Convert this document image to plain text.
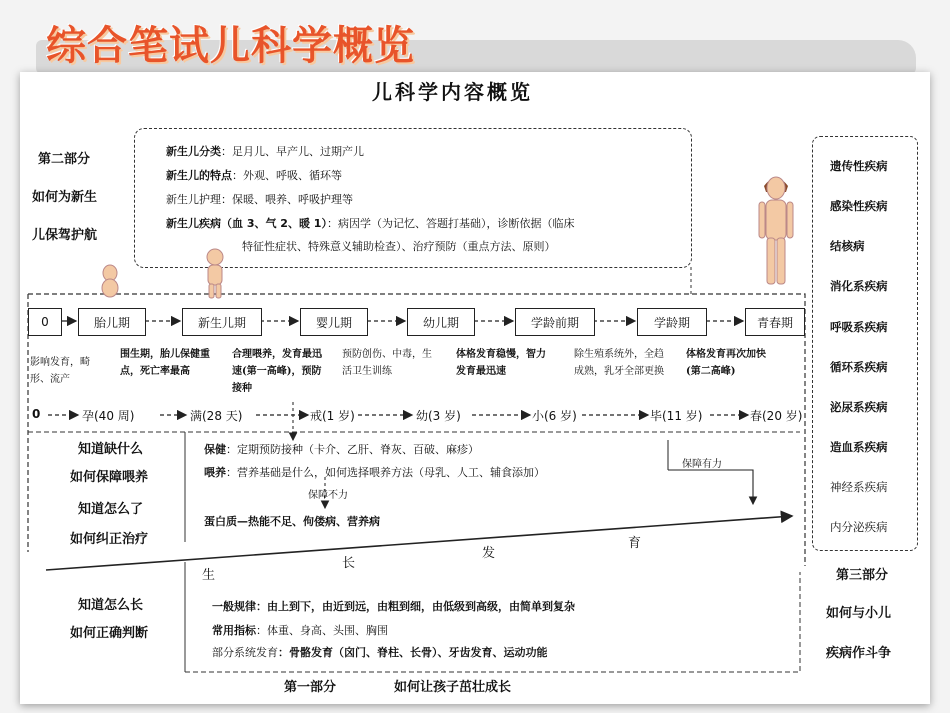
综合笔试儿科学概览
儿科学内容概览
新生儿分类：足月儿、早产儿、过期产儿
新生儿的特点：外观、呼吸、循环等
新生儿护理：保暖、喂养、呼吸护理等
新生儿疾病（血 3、气 2、暖 1）：病因学（为记忆、答题打基础），诊断依据（临床
特征性症状、特殊意义辅助检查）、治疗预防（重点方法、原则）
第二部分
如何为新生
儿保驾护航
0	胎儿期	新生儿期	婴儿期	幼儿期	学龄前期	学龄期	青春期
影响发育，畸形、流产
围生期，胎儿保健重点，死亡率最高
合理喂养，发育最迅速(第一高峰)，预防接种
预防创伤、中毒，生活卫生训练
体格发育稳慢，智力发育最迅速
除生殖系统外，全趋成熟，乳牙全部更换
体格发育再次加快(第二高峰)
0	孕(40 周)	满(28 天)	戒(1 岁)	幼(3 岁)	小(6 岁)	毕(11 岁)	春(20 岁)
知道缺什么
如何保障喂养
知道怎么了
如何纠正治疗
保健：定期预防接种（卡介、乙肝、脊灰、百破、麻疹）
喂养：营养基础是什么，如何选择喂养方法（母乳、人工、辅食添加）
保障不力
保障有力
蛋白质—热能不足、佝偻病、营养病
生
长
发
育
知道怎么长
如何正确判断
一般规律：由上到下，由近到远，由粗到细，由低级到高级，由简单到复杂
常用指标：体重、身高、头围、胸围
部分系统发育：骨骼发育（囟门、脊柱、长骨）、牙齿发育、运动功能
第一部分	如何让孩子茁壮成长
遗传性疾病
感染性疾病
结核病
消化系疾病
呼吸系疾病
循环系疾病
泌尿系疾病
造血系疾病
神经系疾病
内分泌疾病
第三部分
如何与小儿
疾病作斗争
